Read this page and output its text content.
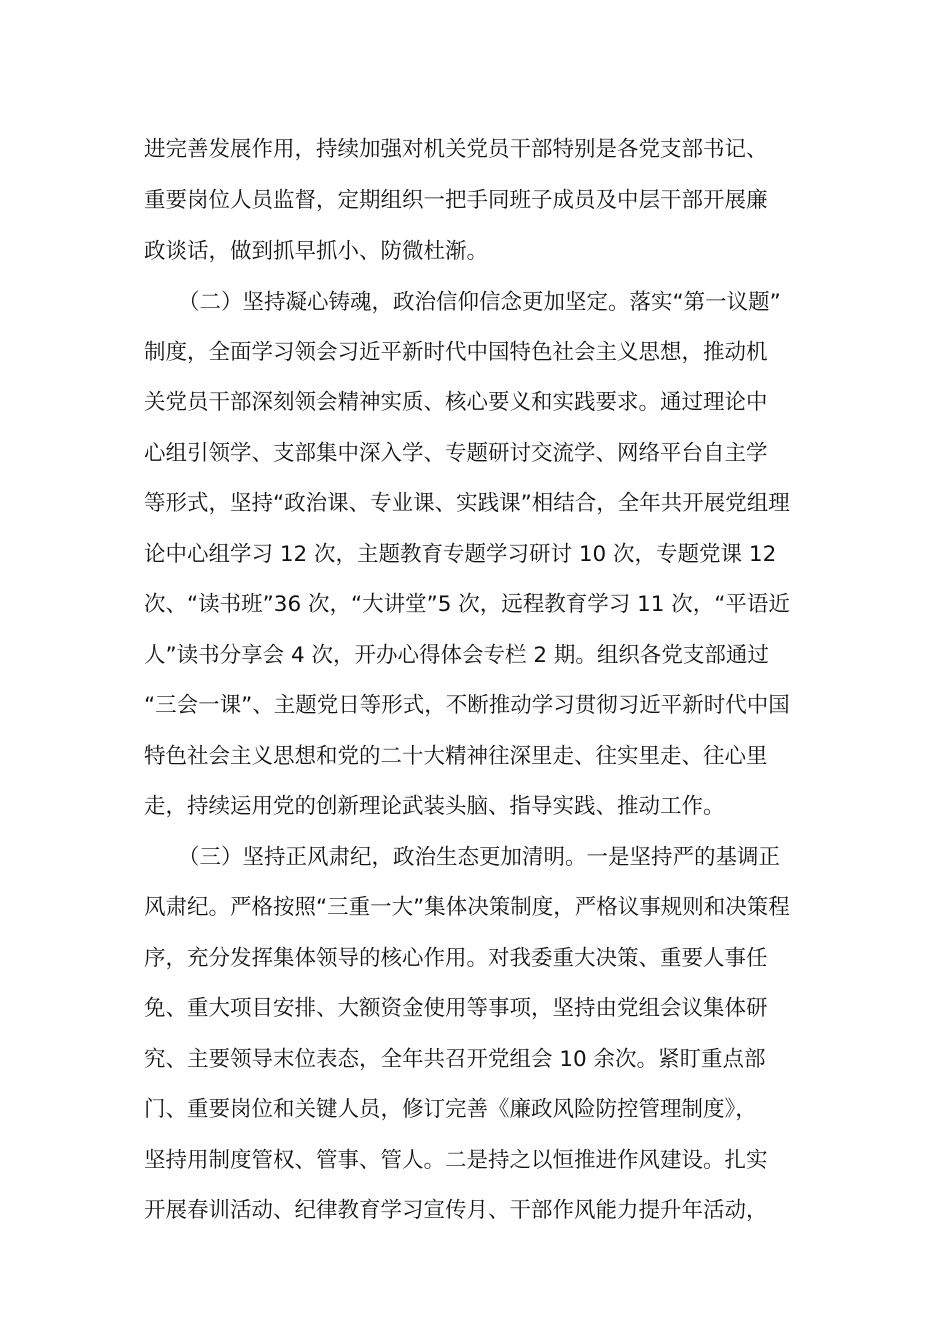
进完善发展作用，持续加强对机关党员干部特别是各党支部书记、
重要岗位人员监督，定期组织一把手同班子成员及中层干部开展廉
政谈话，做到抓早抓小、防微杜渐。
（二）坚持凝心铸魂，政治信仰信念更加坚定。落实“第一议题”
制度，全面学习领会习近平新时代中国特色社会主义思想，推动机
关党员干部深刻领会精神实质、核心要义和实践要求。通过理论中
心组引领学、支部集中深入学、专题研讨交流学、网络平台自主学
等形式，坚持“政治课、专业课、实践课”相结合，全年共开展党组理
论中心组学习 12 次，主题教育专题学习研讨 10 次，专题党课 12
次、“读书班”36 次，“大讲堂”5 次，远程教育学习 11 次，“平语近
人”读书分享会 4 次，开办心得体会专栏 2 期。组织各党支部通过
“三会一课”、主题党日等形式，不断推动学习贯彻习近平新时代中国
特色社会主义思想和党的二十大精神往深里走、往实里走、往心里
走，持续运用党的创新理论武装头脑、指导实践、推动工作。
（三）坚持正风肃纪，政治生态更加清明。一是坚持严的基调正
风肃纪。严格按照“三重一大”集体决策制度，严格议事规则和决策程
序，充分发挥集体领导的核心作用。对我委重大决策、重要人事任
免、重大项目安排、大额资金使用等事项，坚持由党组会议集体研
究、主要领导末位表态，全年共召开党组会 10 余次。紧盯重点部
门、重要岗位和关键人员，修订完善《廉政风险防控管理制度》，
坚持用制度管权、管事、管人。二是持之以恒推进作风建设。扎实
开展春训活动、纪律教育学习宣传月、干部作风能力提升年活动，
